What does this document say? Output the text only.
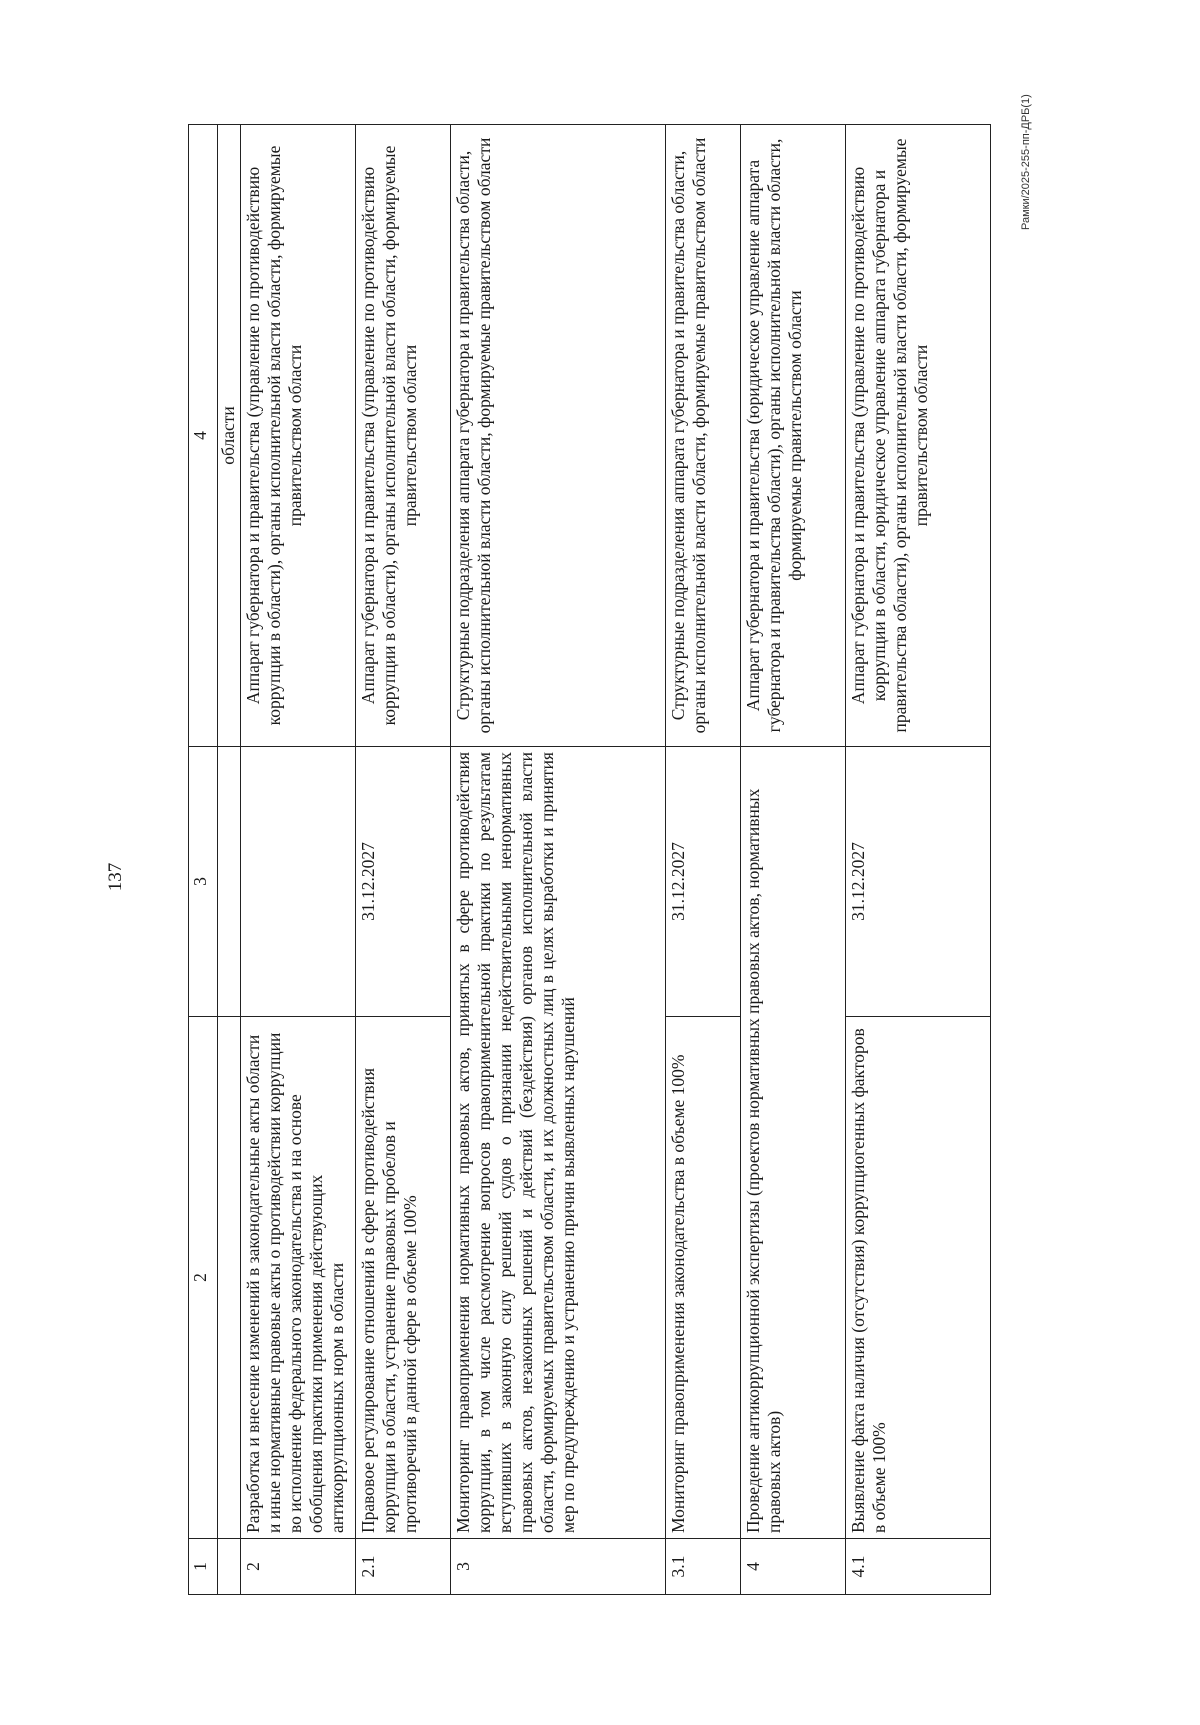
137
1	2	3	4
			области
2	Разработка и внесение изменений в законодательные акты области и иные нормативные правовые акты о противодействии коррупции во исполнение федерального законодательства и на основе обобщения практики применения действующих антикоррупционных норм в области		Аппарат губернатора и правительства (управление по противодействию коррупции в области), органы исполнительной власти области, формируемые правительством области
2.1	Правовое регулирование отношений в сфере противодействия коррупции в области, устранение правовых пробелов и противоречий в данной сфере в объеме 100%	31.12.2027	Аппарат губернатора и правительства (управление по противодействию коррупции в области), органы исполнительной власти области, формируемые правительством области
3	Мониторинг правоприменения нормативных правовых актов, принятых в сфере противодействия коррупции, в том числе рассмотрение вопросов правоприменительной практики по результатам вступивших в законную силу решений судов о признании недействительными ненормативных правовых актов, незаконных решений и действий (бездействия) органов исполнительной власти области, формируемых правительством области, и их должностных лиц в целях выработки и принятия мер по предупреждению и устранению причин выявленных нарушений		Структурные подразделения аппарата губернатора и правительства области, органы исполнительной власти области, формируемые правительством области
3.1	Мониторинг правоприменения законодательства в объеме 100%	31.12.2027	Структурные подразделения аппарата губернатора и правительства области, органы исполнительной власти области, формируемые правительством области
4	Проведение антикоррупционной экспертизы (проектов нормативных правовых актов, нормативных правовых актов)		Аппарат губернатора и правительства (юридическое управление аппарата губернатора и правительства области), органы исполнительной власти области, формируемые правительством области
4.1	Выявление факта наличия (отсутствия) коррупциогенных факторов в объеме 100%	31.12.2027	Аппарат губернатора и правительства (управление по противодействию коррупции в области, юридическое управление аппарата губернатора и правительства области), органы исполнительной власти области, формируемые правительством области
Рамки/2025-255-пп-ДРБ(1)
